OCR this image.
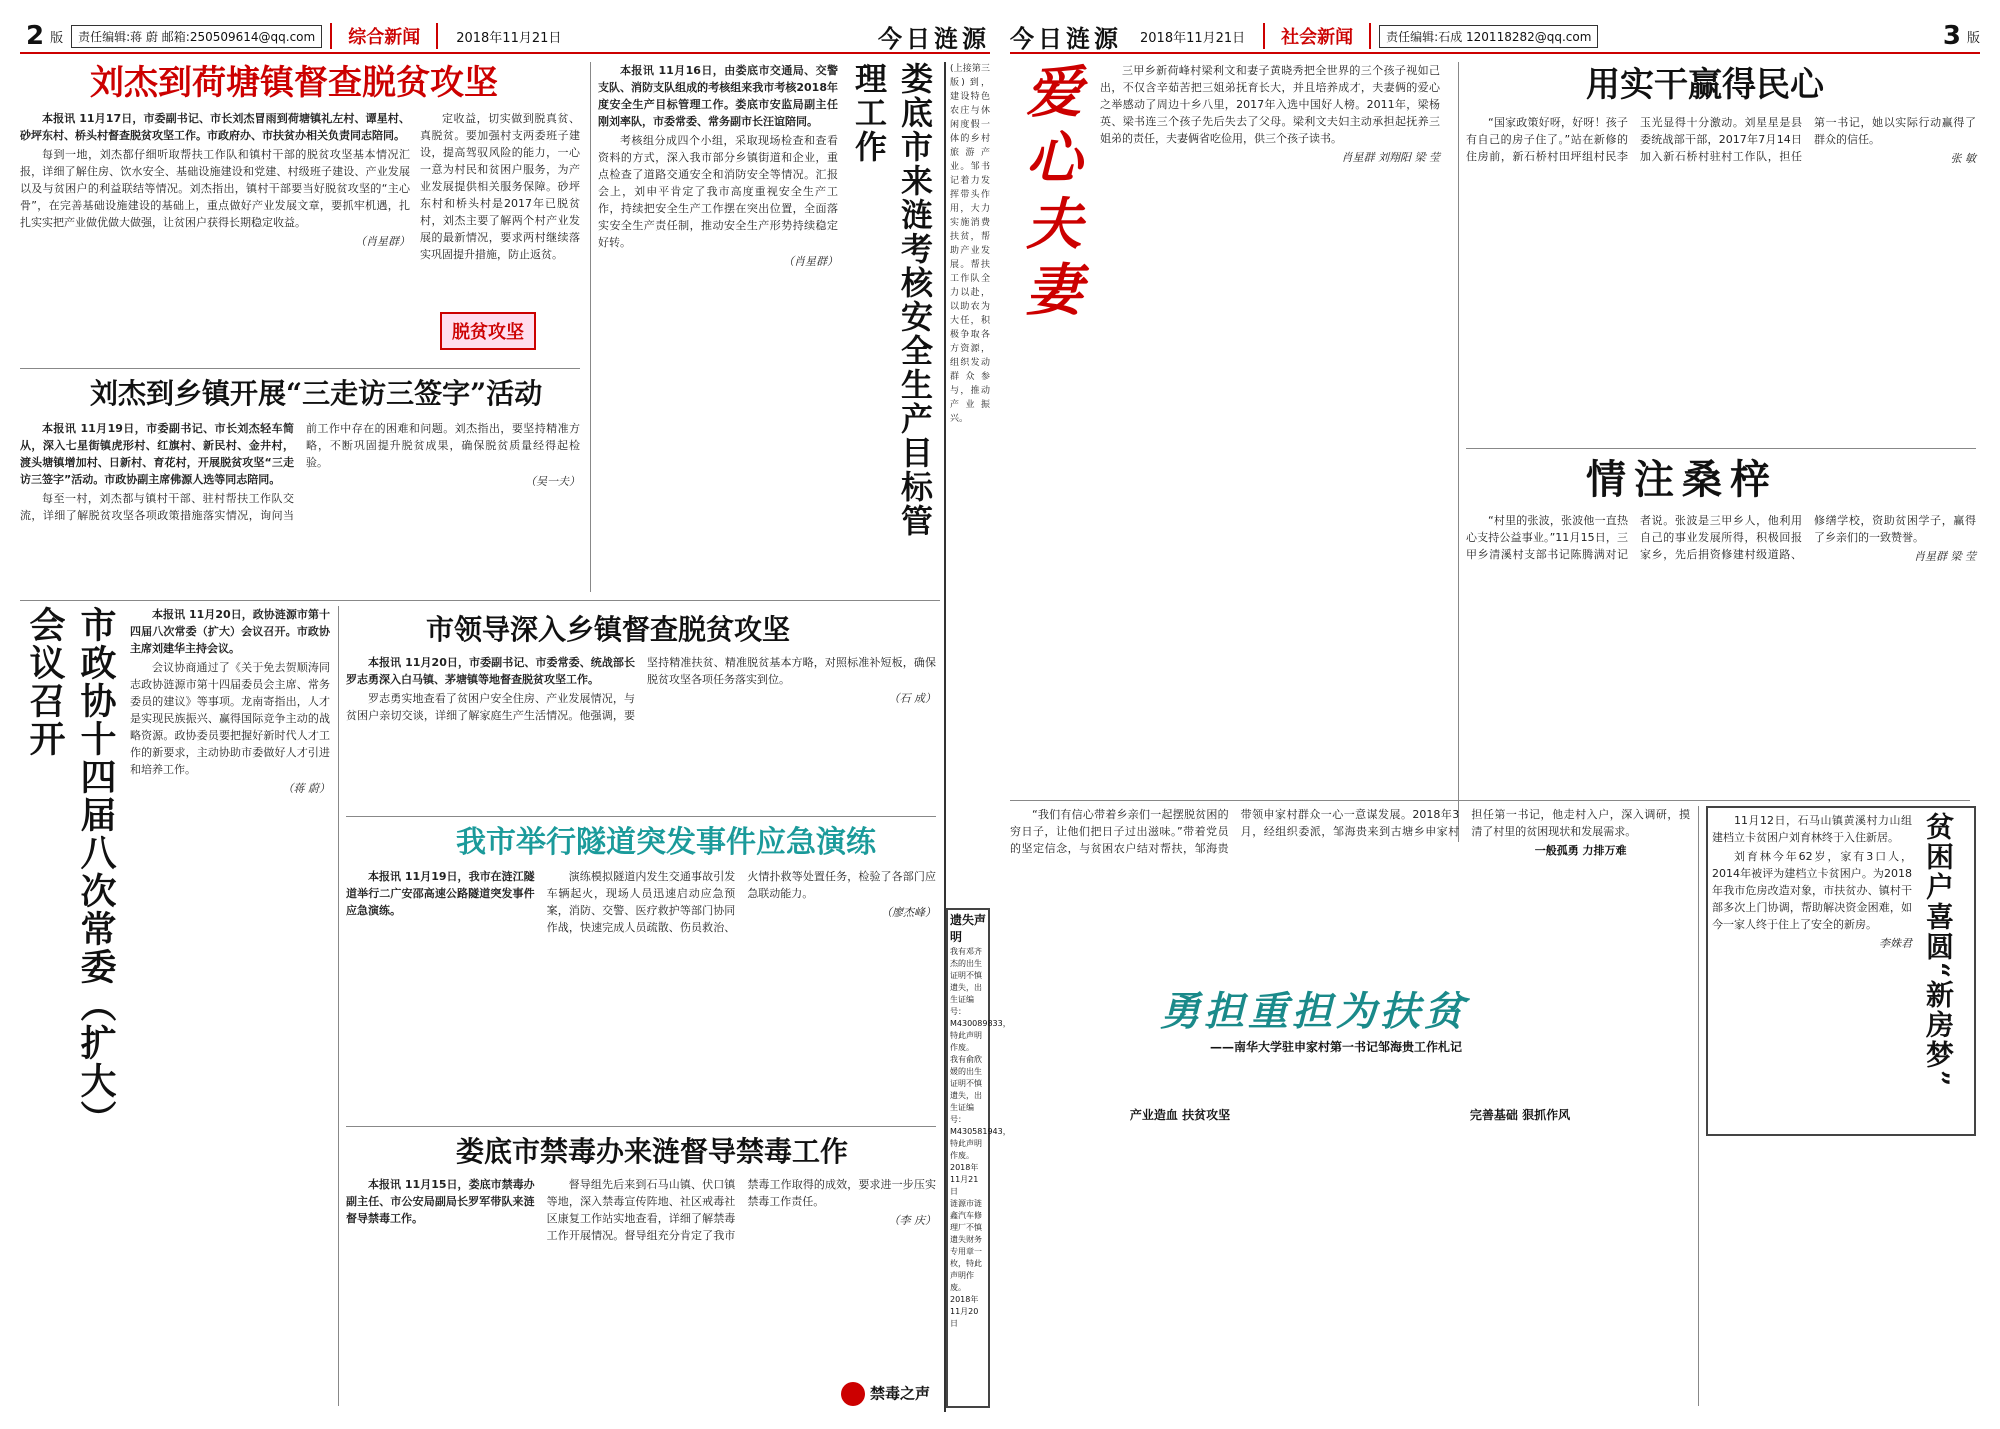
2 版	责任编辑:蒋 蔚 邮箱:250509614@qq.com	综合新闻	2018年11月21日	今日涟源
刘杰到荷塘镇督查脱贫攻坚

本报讯 11月17日，市委副书记、市长刘杰冒雨到荷塘镇礼左村、谭星村、砂坪东村、桥头村督查脱贫攻坚工作。市政府办、市扶贫办相关负责同志陪同。

每到一地，刘杰都仔细听取帮扶工作队和镇村干部的脱贫攻坚基本情况汇报，详细了解住房、饮水安全、基础设施建设和党建、村级班子建设、产业发展以及与贫困户的利益联结等情况。刘杰指出，镇村干部要当好脱贫攻坚的“主心骨”，在完善基础设施建设的基础上，重点做好产业发展文章，要抓牢机遇，扎扎实实把产业做优做大做强，让贫困户获得长期稳定收益。

（肖星群）

定收益，切实做到脱真贫、真脱贫。要加强村支两委班子建设，提高驾驭风险的能力，一心一意为村民和贫困户服务，为产业发展提供相关服务保障。砂坪东村和桥头村是2017年已脱贫村，刘杰主要了解两个村产业发展的最新情况，要求两村继续落实巩固提升措施，防止返贫。
脱贫攻坚
刘杰到乡镇开展“三走访三签字”活动

本报讯 11月19日，市委副书记、市长刘杰轻车简从，深入七星街镇虎形村、红旗村、新民村、金井村，渡头塘镇增加村、日新村、育花村，开展脱贫攻坚“三走访三签字”活动。市政协副主席佛源人选等同志陪同。

每至一村，刘杰都与镇村干部、驻村帮扶工作队交流，详细了解脱贫攻坚各项政策措施落实情况，询问当前工作中存在的困难和问题。刘杰指出，要坚持精准方略，不断巩固提升脱贫成果，确保脱贫质量经得起检验。

（吴一夫）

本报讯 11月16日，由娄底市交通局、交警支队、消防支队组成的考核组来我市考核2018年度安全生产目标管理工作。娄底市安监局副主任刚刘率队，市委常委、常务副市长汪谊陪同。

考核组分成四个小组，采取现场检查和查看资料的方式，深入我市部分乡镇街道和企业，重点检查了道路交通安全和消防安全等情况。汇报会上，刘申平肯定了我市高度重视安全生产工作，持续把安全生产工作摆在突出位置，全面落实安全生产责任制，推动安全生产形势持续稳定好转。

（肖星群）	娄底市来涟考核安全生产目标管理工作	(上接第三版) 到，建设特色农庄与休闲度假一体的乡村旅游产业。邹书记着力发挥带头作用，大力实施消费扶贫，帮助产业发展。帮扶工作队全力以赴，以助农为大任，积极争取各方资源，组织发动群众参与，推动产业振兴。
市政协十四届八次常委（扩大）会议召开	本报讯 11月20日，政协涟源市第十四届八次常委（扩大）会议召开。市政协主席刘建华主持会议。

会议协商通过了《关于免去贺顺涛同志政协涟源市第十四届委员会主席、常务委员的建议》等事项。龙南寄指出，人才是实现民族振兴、赢得国际竞争主动的战略资源。政协委员要把握好新时代人才工作的新要求，主动协助市委做好人才引进和培养工作。

（蒋 蔚）

市领导深入乡镇督查脱贫攻坚

本报讯 11月20日，市委副书记、市委常委、统战部长罗志勇深入白马镇、茅塘镇等地督查脱贫攻坚工作。

罗志勇实地查看了贫困户安全住房、产业发展情况，与贫困户亲切交谈，详细了解家庭生产生活情况。他强调，要坚持精准扶贫、精准脱贫基本方略，对照标准补短板，确保脱贫攻坚各项任务落实到位。

（石 成）

我市举行隧道突发事件应急演练

本报讯 11月19日，我市在涟江隧道举行二广安邵高速公路隧道突发事件应急演练。

演练模拟隧道内发生交通事故引发车辆起火，现场人员迅速启动应急预案，消防、交警、医疗救护等部门协同作战，快速完成人员疏散、伤员救治、火情扑救等处置任务，检验了各部门应急联动能力。

（廖杰峰）

娄底市禁毒办来涟督导禁毒工作

本报讯 11月15日，娄底市禁毒办副主任、市公安局副局长罗军带队来涟督导禁毒工作。

督导组先后来到石马山镇、伏口镇等地，深入禁毒宣传阵地、社区戒毒社区康复工作站实地查看，详细了解禁毒工作开展情况。督导组充分肯定了我市禁毒工作取得的成效，要求进一步压实禁毒工作责任。

（李 庆）

禁毒之声
遗失声明

我有邓齐杰的出生证明不慎遗失，出生证编号：M430089833，特此声明作废。

我有俞欣媛的出生证明不慎遗失，出生证编号：M430581943，特此声明作废。

2018年11月21日

涟源市涟鑫汽车修理厂不慎遗失财务专用章一枚，特此声明作废。

2018年11月20日

今日涟源 2018年11月21日	社会新闻	责任编辑:石成 120118282@qq.com	3 版
爱心夫妻	三甲乡新荷峰村梁利文和妻子黄晓秀把全世界的三个孩子视如己出，不仅含辛茹苦把三姐弟抚育长大，并且培养成才，夫妻俩的爱心之举感动了周边十乡八里，2017年入选中国好人榜。2011年，梁杨英、梁书连三个孩子先后失去了父母。梁利文夫妇主动承担起抚养三姐弟的责任，夫妻俩省吃俭用，供三个孩子读书。

肖星群 刘翔阳 梁 莹

用实干赢得民心

“国家政策好呀，好呀！孩子有自己的房子住了。”站在新修的住房前，新石桥村田坪组村民李玉光显得十分激动。刘星星是县委统战部干部，2017年7月14日加入新石桥村驻村工作队，担任第一书记，她以实际行动赢得了群众的信任。

张 敏

情注桑梓

“村里的张波，张波他一直热心支持公益事业。”11月15日，三甲乡清溪村支部书记陈腾满对记者说。张波是三甲乡人，他利用自己的事业发展所得，积极回报家乡，先后捐资修建村级道路、修缮学校，资助贫困学子，赢得了乡亲们的一致赞誉。

肖星群 梁 莹

勇担重担为扶贫
——南华大学驻申家村第一书记邹海贵工作札记

“我们有信心带着乡亲们一起摆脱贫困的穷日子，让他们把日子过出滋味。”带着党员的坚定信念，与贫困农户结对帮扶，邹海贵带领申家村群众一心一意谋发展。2018年3月，经组织委派，邹海贵来到古塘乡申家村担任第一书记，他走村入户，深入调研，摸清了村里的贫困现状和发展需求。

一般孤勇 力排万难

产业造血 扶贫攻坚	完善基础 狠抓作风

11月12日，石马山镇黄溪村力山组建档立卡贫困户刘育林终于入住新居。

刘育林今年62岁，家有3口人，2014年被评为建档立卡贫困户。为2018年我市危房改造对象，市扶贫办、镇村干部多次上门协调，帮助解决资金困难，如今一家人终于住上了安全的新房。

李姝君 贫困户喜圆“新房梦”
